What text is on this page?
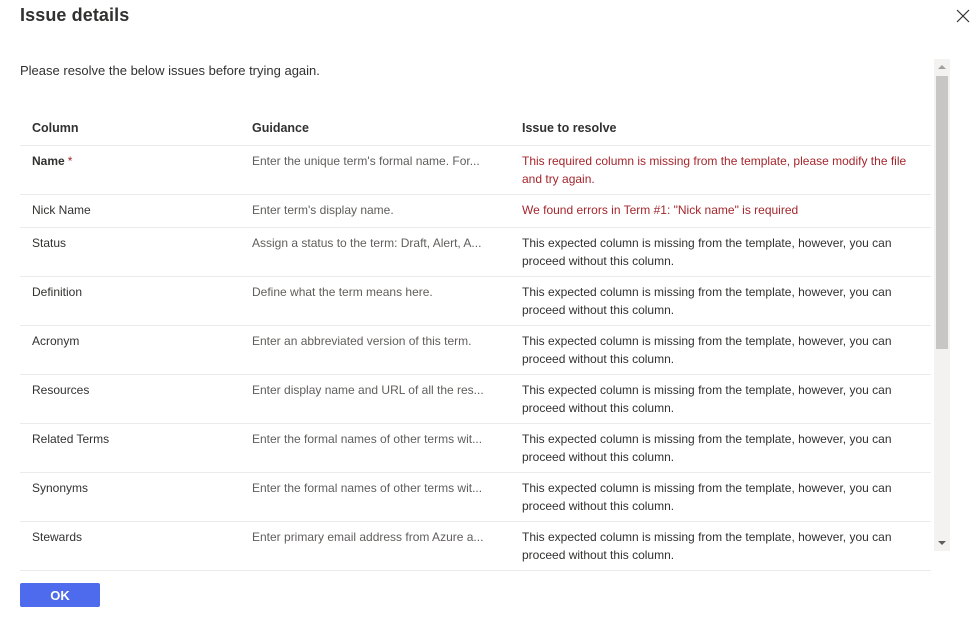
Issue details
Please resolve the below issues before trying again.
Column	Guidance	Issue to resolve
Name *	Enter the unique term's formal name. For...	This required column is missing from the template, please modify the file and try again.
Nick Name	Enter term's display name.	We found errors in Term #1: "Nick name" is required
Status	Assign a status to the term: Draft, Alert, A...	This expected column is missing from the template, however, you can proceed without this column.
Definition	Define what the term means here.	This expected column is missing from the template, however, you can proceed without this column.
Acronym	Enter an abbreviated version of this term.	This expected column is missing from the template, however, you can proceed without this column.
Resources	Enter display name and URL of all the res...	This expected column is missing from the template, however, you can proceed without this column.
Related Terms	Enter the formal names of other terms wit...	This expected column is missing from the template, however, you can proceed without this column.
Synonyms	Enter the formal names of other terms wit...	This expected column is missing from the template, however, you can proceed without this column.
Stewards	Enter primary email address from Azure a...	This expected column is missing from the template, however, you can proceed without this column.
OK
